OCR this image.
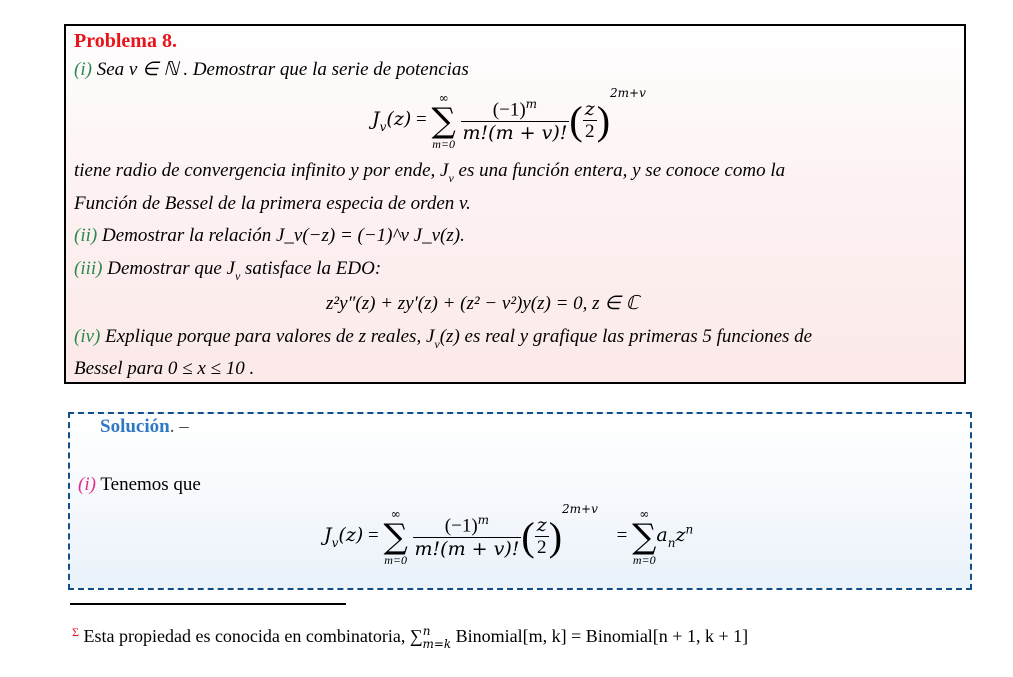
Problema 8.
(i) Sea v ∈ ℕ . Demostrar que la serie de potencias
$J_v(z)$ =
∞
∑
m=0
$\frac{(-1)^m}{m!(m + v)!}$ ( $\frac{z}{2} )^{2m+v}$
tiene radio de convergencia infinito y por ende, $J_v$ es una función entera, y se conoce como la
Función de Bessel de la primera especia de orden v.
(ii) Demostrar la relación J_v(−z) = (−1)^v J_v(z).
(iii) Demostrar que $J_v$ satisface la EDO:
z²y″(z) + zy′(z) + (z² − v²)y(z) = 0, z ∈ ℂ
(iv) Explique porque para valores de z reales, $J_v(z)$ es real y grafique las primeras 5 funciones de
Bessel para 0 ≤ x ≤ 10 .
Solución. –
(i) Tenemos que
$J_v(z)$ =
∞
∑
m=0
$\frac{(-1)^m}{m!(m + v)!}$ ( $\frac{z}{2} )^{2m+v}$ =
∞
∑
m=0
$a_nz^n$
$^\Sigma$ Esta propiedad es conocida en combinatoria, ∑$^n_{m=k}$ Binomial[m, k] = Binomial[n + 1, k + 1]
